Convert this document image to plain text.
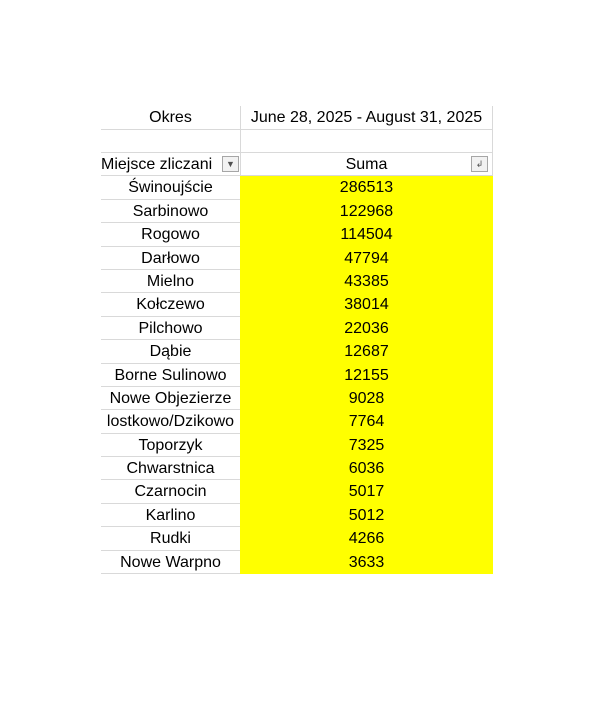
Okres	June 28, 2025 - August 31, 2025
Miejsce zliczani	▼	Suma	↲
Świnoujście	286513
Sarbinowo	122968
Rogowo	114504
Darłowo	47794
Mielno	43385
Kołczewo	38014
Pilchowo	22036
Dąbie	12687
Borne Sulinowo	12155
Nowe Objezierze	9028
lostkowo/Dzikowo	7764
Toporzyk	7325
Chwarstnica	6036
Czarnocin	5017
Karlino	5012
Rudki	4266
Nowe Warpno	3633
